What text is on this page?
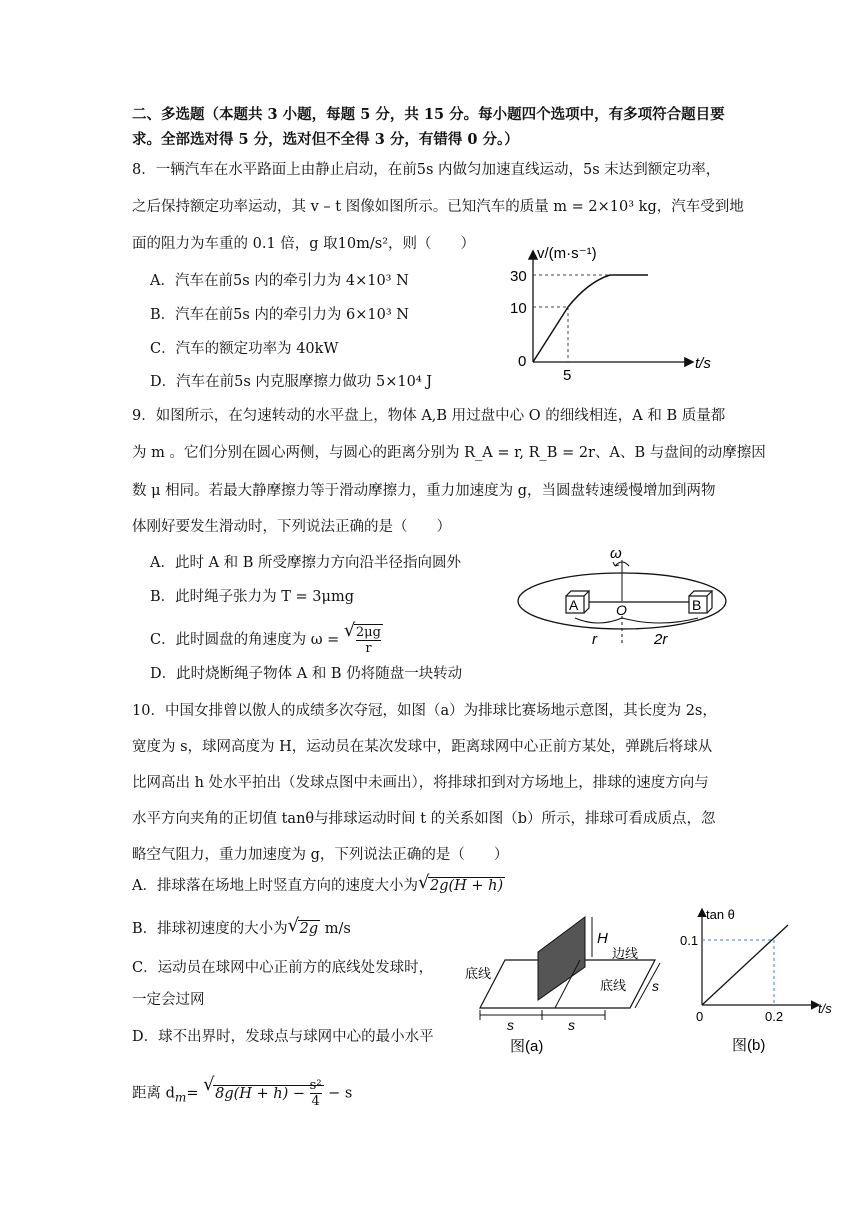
二、多选题（本题共 3 小题，每题 5 分，共 15 分。每小题四个选项中，有多项符合题目要
求。全部选对得 5 分，选对但不全得 3 分，有错得 0 分。）
8．一辆汽车在水平路面上由静止启动，在前5s 内做匀加速直线运动，5s 末达到额定功率，
之后保持额定功率运动，其 v – t 图像如图所示。已知汽车的质量 m = 2×10³ kg，汽车受到地
面的阻力为车重的 0.1 倍，g 取10m/s²，则（　　）
A．汽车在前5s 内的牵引力为 4×10³ N
B．汽车在前5s 内的牵引力为 6×10³ N
C．汽车的额定功率为 40kW
D．汽车在前5s 内克服摩擦力做功 5×10⁴ J
v/(m·s⁻¹)
t/s
30
10
0
5
9．如图所示，在匀速转动的水平盘上，物体 A,B 用过盘中心 O 的细线相连，A 和 B 质量都
为 m 。它们分别在圆心两侧，与圆心的距离分别为 R_A = r, R_B = 2r、A、B 与盘间的动摩擦因
数 μ 相同。若最大静摩擦力等于滑动摩擦力，重力加速度为 g，当圆盘转速缓慢增加到两物
体刚好要发生滑动时，下列说法正确的是（　　）
A．此时 A 和 B 所受摩擦力方向沿半径指向圆外
B．此时绳子张力为 T = 3μmg
C．此时圆盘的角速度为 ω = √ $\frac{2\mu g}{r}$
D．此时烧断绳子物体 A 和 B 仍将随盘一块转动
ω
A	B
O
r	2r
10．中国女排曾以傲人的成绩多次夺冠，如图（a）为排球比赛场地示意图，其长度为 2s，
宽度为 s，球网高度为 H，运动员在某次发球中，距离球网中心正前方某处，弹跳后将球从
比网高出 h 处水平拍出（发球点图中未画出），将排球扣到对方场地上，排球的速度方向与
水平方向夹角的正切值 tanθ与排球运动时间 t 的关系如图（b）所示，排球可看成质点，忽
略空气阻力，重力加速度为 g，下列说法正确的是（　　）
A．排球落在场地上时竖直方向的速度大小为 √ 2g(H + h)
B．排球初速度的大小为 √ 2g m/s
C．运动员在球网中心正前方的底线处发球时，
一定会过网
D．球不出界时，发球点与球网中心的最小水平
距离 $d_m=$ √ $8g(H + h) - \frac{\text{s²}}{4} - s$
H
边线
底线
底线 s
s	s
图(a)
tan θ
t/s
0.1
0.2
0
图(b)
